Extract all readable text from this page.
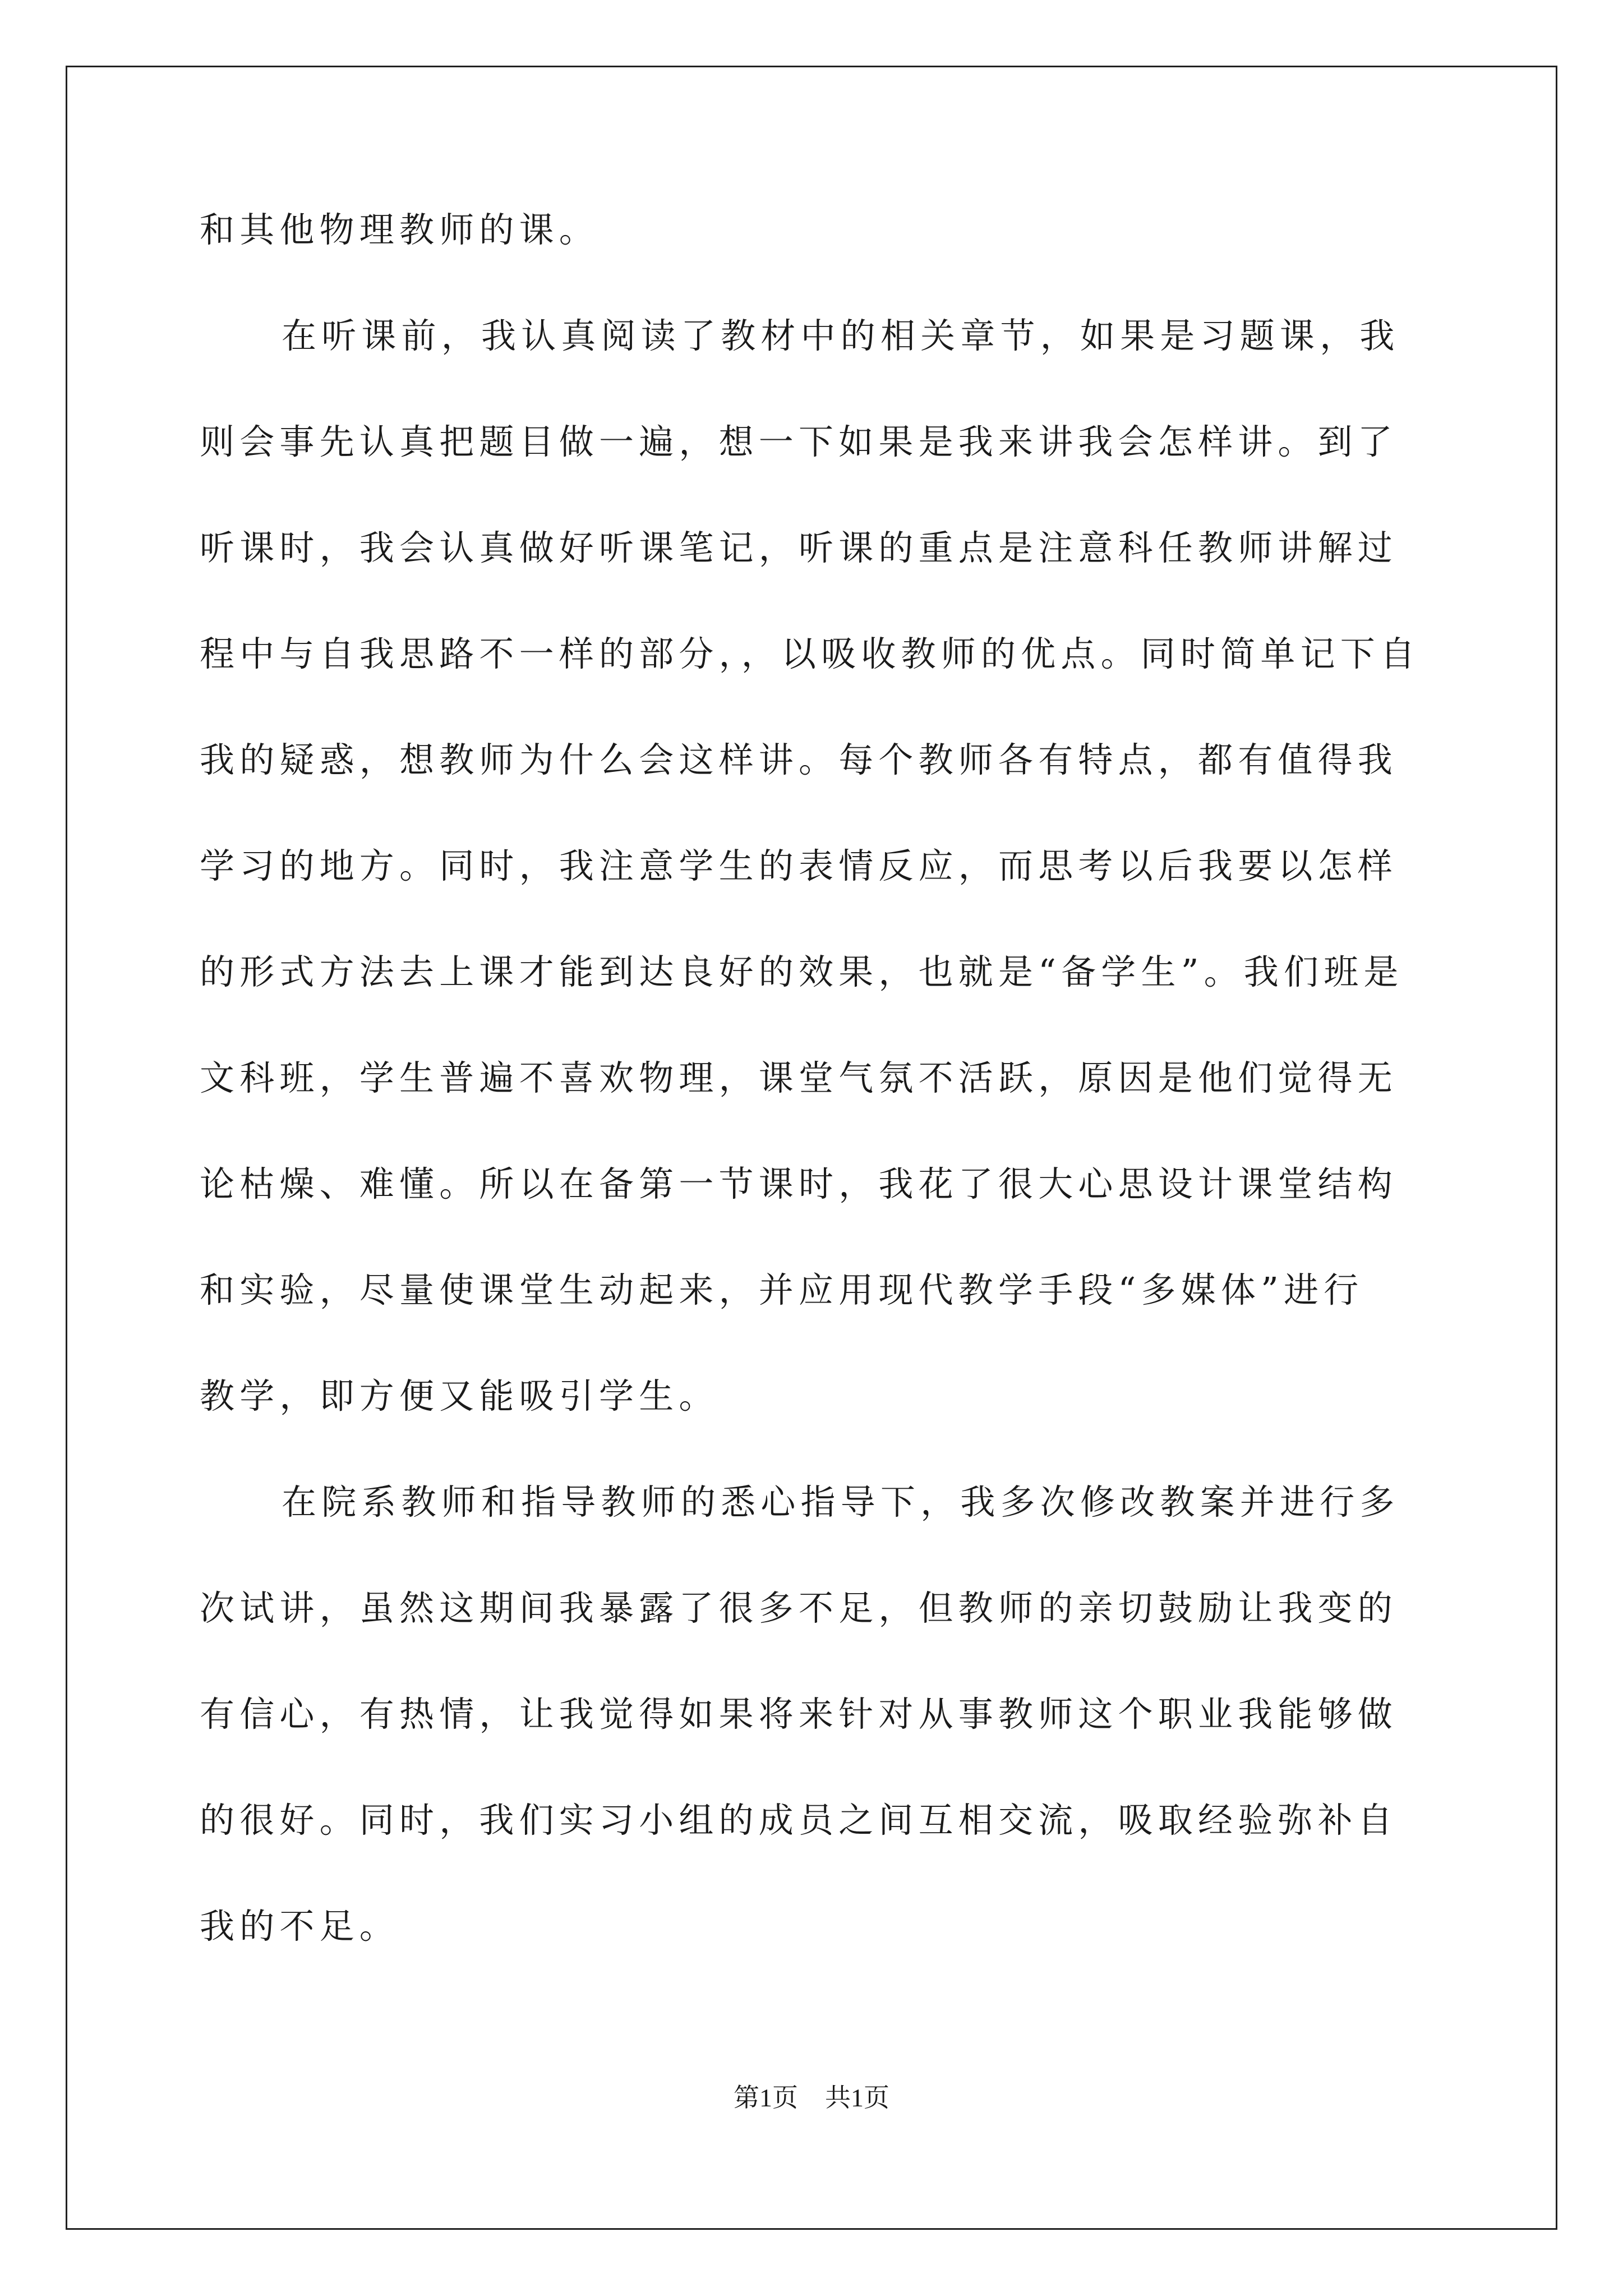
和其他物理教师的课。
在听课前，我认真阅读了教材中的相关章节，如果是习题课，我
则会事先认真把题目做一遍，想一下如果是我来讲我会怎样讲。到了
听课时，我会认真做好听课笔记，听课的重点是注意科任教师讲解过
程中与自我思路不一样的部分，，以吸收教师的优点。同时简单记下自
我的疑惑，想教师为什么会这样讲。每个教师各有特点，都有值得我
学习的地方。同时，我注意学生的表情反应，而思考以后我要以怎样
的形式方法去上课才能到达良好的效果，也就是“备学生”。我们班是
文科班，学生普遍不喜欢物理，课堂气氛不活跃，原因是他们觉得无
论枯燥、难懂。所以在备第一节课时，我花了很大心思设计课堂结构
和实验，尽量使课堂生动起来，并应用现代教学手段“多媒体”进行
教学，即方便又能吸引学生。
在院系教师和指导教师的悉心指导下，我多次修改教案并进行多
次试讲，虽然这期间我暴露了很多不足，但教师的亲切鼓励让我变的
有信心，有热情，让我觉得如果将来针对从事教师这个职业我能够做
的很好。同时，我们实习小组的成员之间互相交流，吸取经验弥补自
我的不足。
第1页 共1页
